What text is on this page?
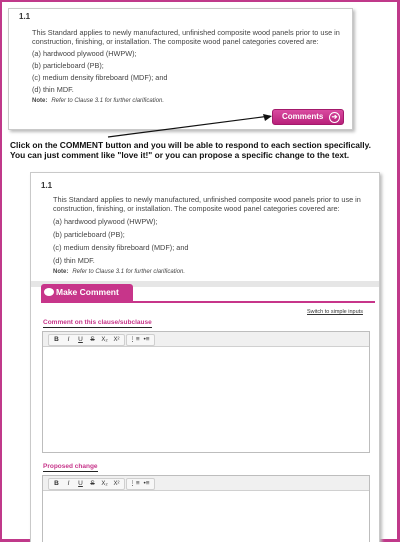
1.1
This Standard applies to newly manufactured, unfinished composite wood panels prior to use in construction, finishing, or installation. The composite wood panel categories covered are:
(a) hardwood plywood (HWPW);
(b) particleboard (PB);
(c) medium density fibreboard (MDF); and
(d) thin MDF.
Note: Refer to Clause 3.1 for further clarification.
Comments	➔
Click on the COMMENT button and you will be able to respond to each section specifically.
You can just comment like "love it!" or you can propose a specific change to the text.
1.1
This Standard applies to newly manufactured, unfinished composite wood panels prior to use in construction, finishing, or installation. The composite wood panel categories covered are:
(a) hardwood plywood (HWPW);
(b) particleboard (PB);
(c) medium density fibreboard (MDF); and
(d) thin MDF.
Note: Refer to Clause 3.1 for further clarification.
Make Comment
Switch to simple inputs
Comment on this clause/subclause
B	I	U	S	X₂ X²	⋮≡ •≡
Proposed change
B	I	U	S	X₂ X²	⋮≡ •≡
